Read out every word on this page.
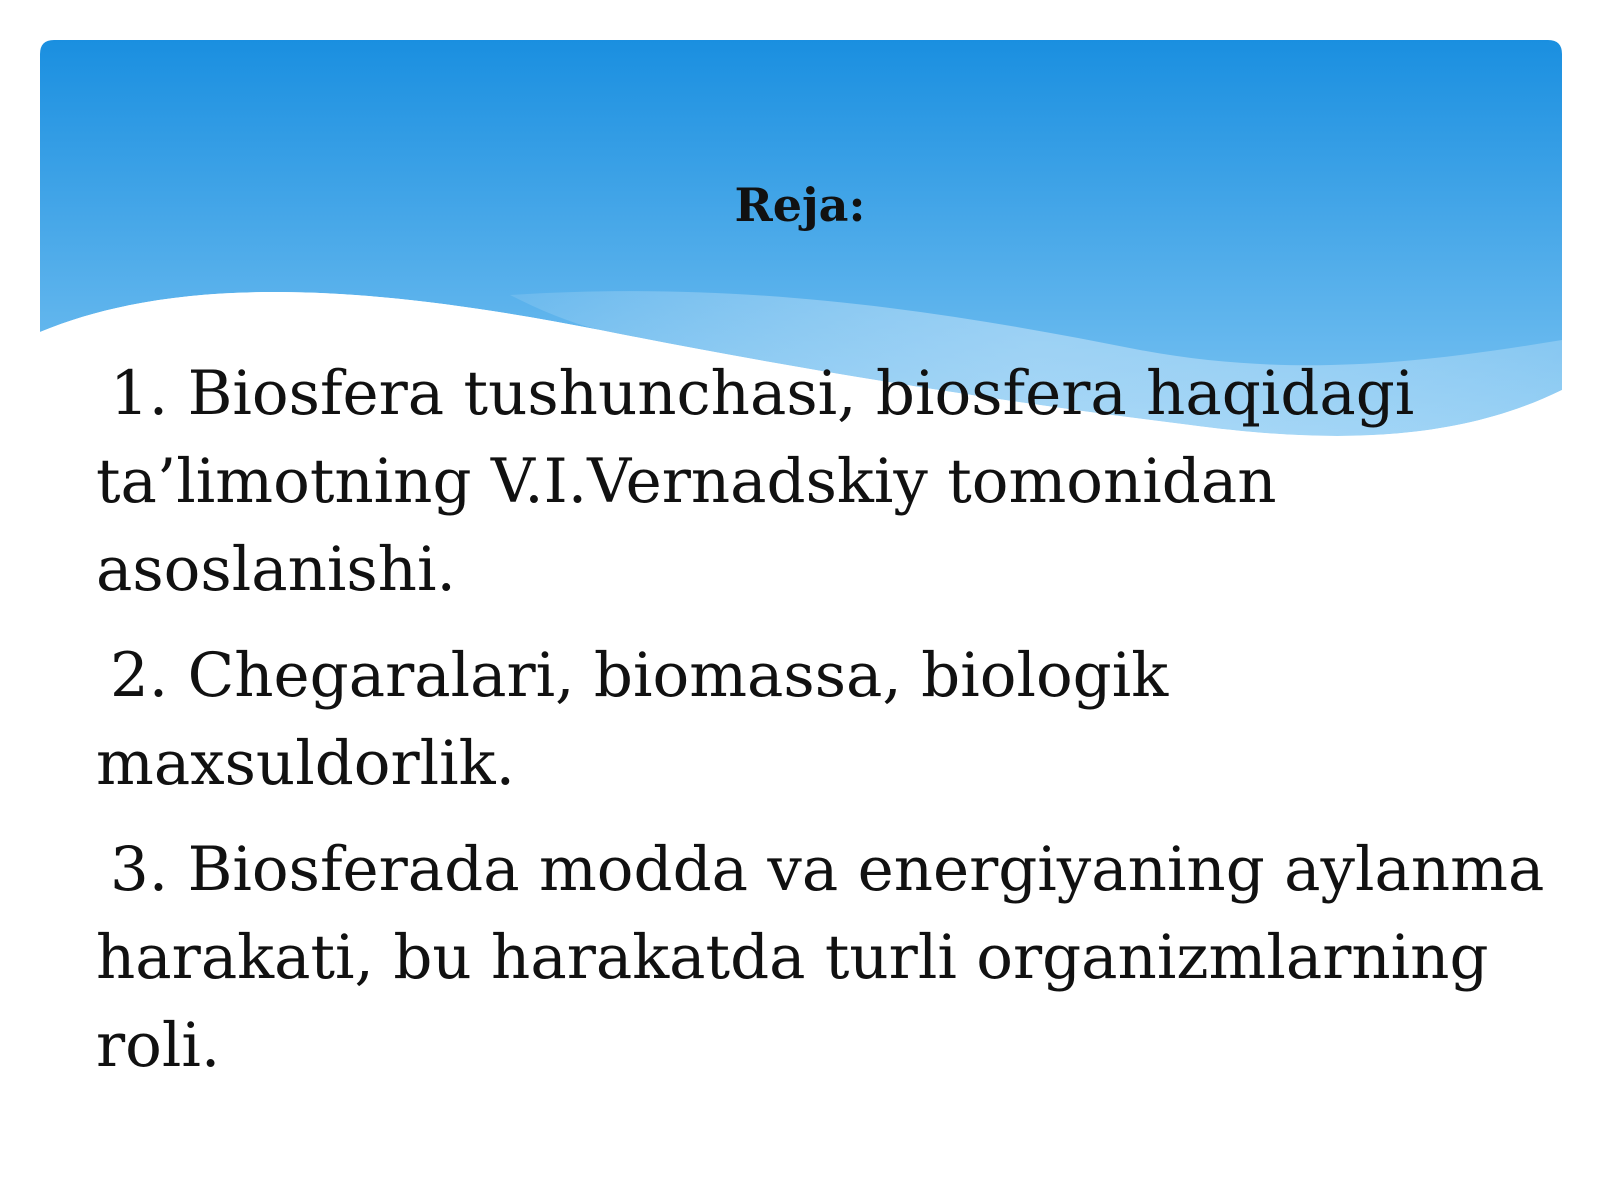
Reja:

1. Biosfera tushunchasi, biosfera haqidagi ta’limotning V.I.Vernadskiy tomonidan asoslanishi.

2. Chegaralari, biomassa, biologik maxsuldorlik.

3. Biosferada modda va energiyaning aylanma harakati, bu harakatda turli organizmlarning roli.
